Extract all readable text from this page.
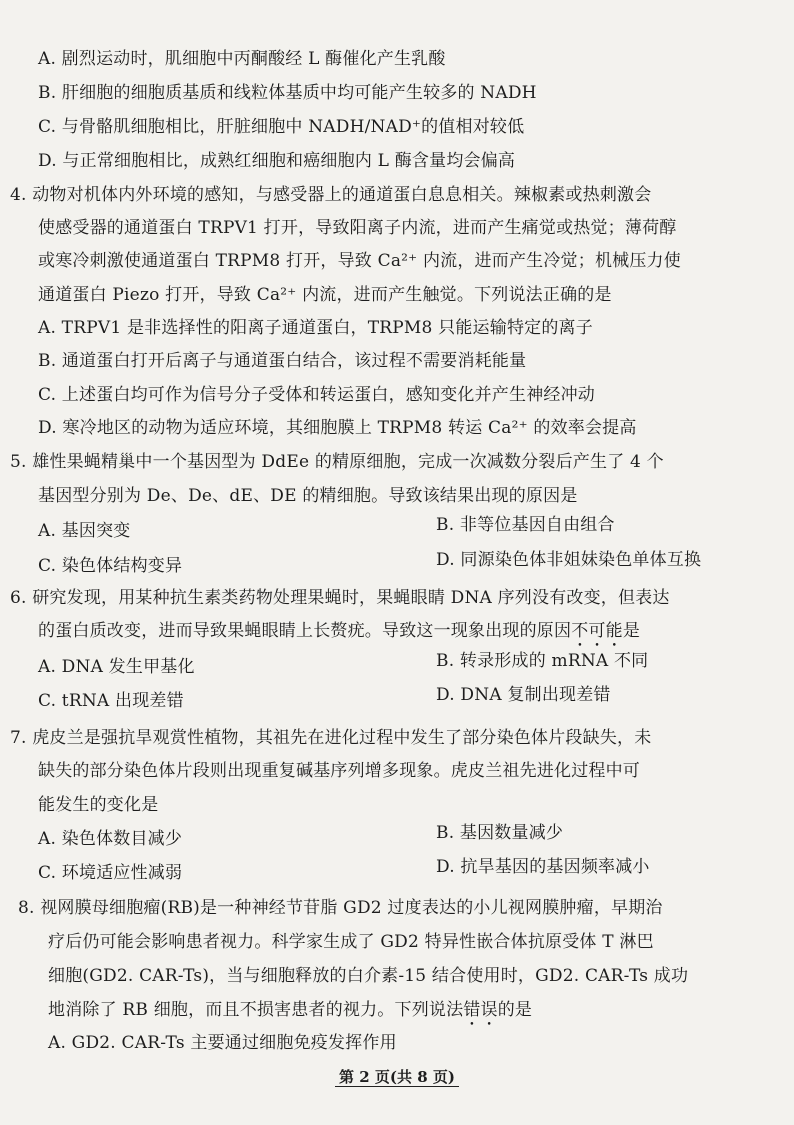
A. 剧烈运动时，肌细胞中丙酮酸经 L 酶催化产生乳酸
B. 肝细胞的细胞质基质和线粒体基质中均可能产生较多的 NADH
C. 与骨骼肌细胞相比，肝脏细胞中 NADH/NAD⁺的值相对较低
D. 与正常细胞相比，成熟红细胞和癌细胞内 L 酶含量均会偏高
4. 动物对机体内外环境的感知，与感受器上的通道蛋白息息相关。辣椒素或热刺激会
使感受器的通道蛋白 TRPV1 打开，导致阳离子内流，进而产生痛觉或热觉；薄荷醇
或寒冷刺激使通道蛋白 TRPM8 打开，导致 Ca²⁺ 内流，进而产生冷觉；机械压力使
通道蛋白 Piezo 打开，导致 Ca²⁺ 内流，进而产生触觉。下列说法正确的是
A. TRPV1 是非选择性的阳离子通道蛋白，TRPM8 只能运输特定的离子
B. 通道蛋白打开后离子与通道蛋白结合，该过程不需要消耗能量
C. 上述蛋白均可作为信号分子受体和转运蛋白，感知变化并产生神经冲动
D. 寒冷地区的动物为适应环境，其细胞膜上 TRPM8 转运 Ca²⁺ 的效率会提高
5. 雄性果蝇精巢中一个基因型为 DdEe 的精原细胞，完成一次减数分裂后产生了 4 个
基因型分别为 De、De、dE、DE 的精细胞。导致该结果出现的原因是
A. 基因突变	B. 非等位基因自由组合
C. 染色体结构变异	D. 同源染色体非姐妹染色单体互换
6. 研究发现，用某种抗生素类药物处理果蝇时，果蝇眼睛 DNA 序列没有改变，但表达
的蛋白质改变，进而导致果蝇眼睛上长赘疣。导致这一现象出现的原因不可能是
A. DNA 发生甲基化	B. 转录形成的 mRNA 不同
C. tRNA 出现差错	D. DNA 复制出现差错
7. 虎皮兰是强抗旱观赏性植物，其祖先在进化过程中发生了部分染色体片段缺失，未
缺失的部分染色体片段则出现重复碱基序列增多现象。虎皮兰祖先进化过程中可
能发生的变化是
A. 染色体数目减少	B. 基因数量减少
C. 环境适应性减弱	D. 抗旱基因的基因频率减小
8. 视网膜母细胞瘤(RB)是一种神经节苷脂 GD2 过度表达的小儿视网膜肿瘤，早期治
疗后仍可能会影响患者视力。科学家生成了 GD2 特异性嵌合体抗原受体 T 淋巴
细胞(GD2. CAR-Ts)，当与细胞释放的白介素-15 结合使用时，GD2. CAR-Ts 成功
地消除了 RB 细胞，而且不损害患者的视力。下列说法错误的是
A. GD2. CAR-Ts 主要通过细胞免疫发挥作用
第 2 页(共 8 页)
